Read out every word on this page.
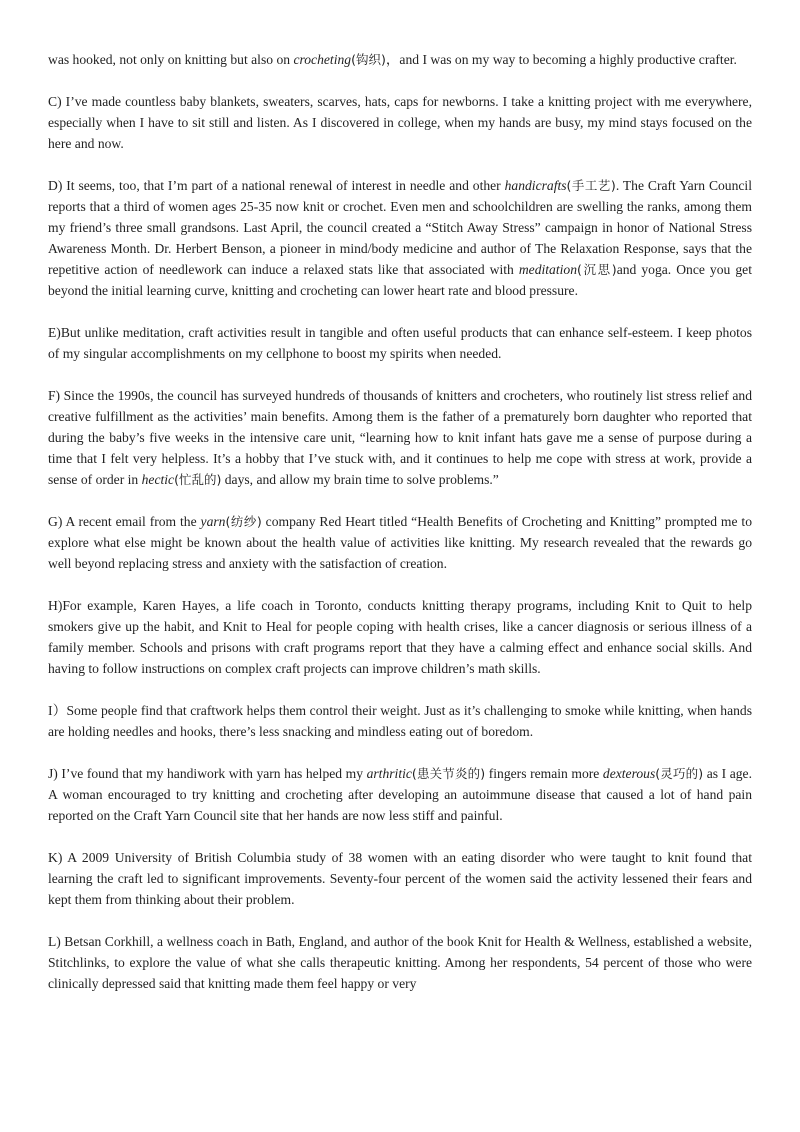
was hooked, not only on knitting but also on crocheting(钩织)，and I was on my way to becoming a highly productive crafter.

C) I’ve made countless baby blankets, sweaters, scarves, hats, caps for newborns. I take a knitting project with me everywhere, especially when I have to sit still and listen. As I discovered in college, when my hands are busy, my mind stays focused on the here and now.

D) It seems, too, that I’m part of a national renewal of interest in needle and other handicrafts(手工艺). The Craft Yarn Council reports that a third of women ages 25-35 now knit or crochet. Even men and schoolchildren are swelling the ranks, among them my friend’s three small grandsons. Last April, the council created a “Stitch Away Stress” campaign in honor of National Stress Awareness Month. Dr. Herbert Benson, a pioneer in mind/body medicine and author of The Relaxation Response, says that the repetitive action of needlework can induce a relaxed stats like that associated with meditation(沉思)and yoga. Once you get beyond the initial learning curve, knitting and crocheting can lower heart rate and blood pressure.

E)But unlike meditation, craft activities result in tangible and often useful products that can enhance self-esteem. I keep photos of my singular accomplishments on my cellphone to boost my spirits when needed.

F) Since the 1990s, the council has surveyed hundreds of thousands of knitters and crocheters, who routinely list stress relief and creative fulfillment as the activities’ main benefits. Among them is the father of a prematurely born daughter who reported that during the baby’s five weeks in the intensive care unit, “learning how to knit infant hats gave me a sense of purpose during a time that I felt very helpless. It’s a hobby that I’ve stuck with, and it continues to help me cope with stress at work, provide a sense of order in hectic(忙乱的) days, and allow my brain time to solve problems.”

G) A recent email from the yarn(纺纱) company Red Heart titled “Health Benefits of Crocheting and Knitting” prompted me to explore what else might be known about the health value of activities like knitting. My research revealed that the rewards go well beyond replacing stress and anxiety with the satisfaction of creation.

H)For example, Karen Hayes, a life coach in Toronto, conducts knitting therapy programs, including Knit to Quit to help smokers give up the habit, and Knit to Heal for people coping with health crises, like a cancer diagnosis or serious illness of a family member. Schools and prisons with craft programs report that they have a calming effect and enhance social skills. And having to follow instructions on complex craft projects can improve children’s math skills.

I）Some people find that craftwork helps them control their weight. Just as it’s challenging to smoke while knitting, when hands are holding needles and hooks, there’s less snacking and mindless eating out of boredom.

J) I’ve found that my handiwork with yarn has helped my arthritic(患关节炎的) fingers remain more dexterous(灵巧的) as I age. A woman encouraged to try knitting and crocheting after developing an autoimmune disease that caused a lot of hand pain reported on the Craft Yarn Council site that her hands are now less stiff and painful.

K) A 2009 University of British Columbia study of 38 women with an eating disorder who were taught to knit found that learning the craft led to significant improvements. Seventy-four percent of the women said the activity lessened their fears and kept them from thinking about their problem.

L) Betsan Corkhill, a wellness coach in Bath, England, and author of the book Knit for Health & Wellness, established a website, Stitchlinks, to explore the value of what she calls therapeutic knitting. Among her respondents, 54 percent of those who were clinically depressed said that knitting made them feel happy or very
